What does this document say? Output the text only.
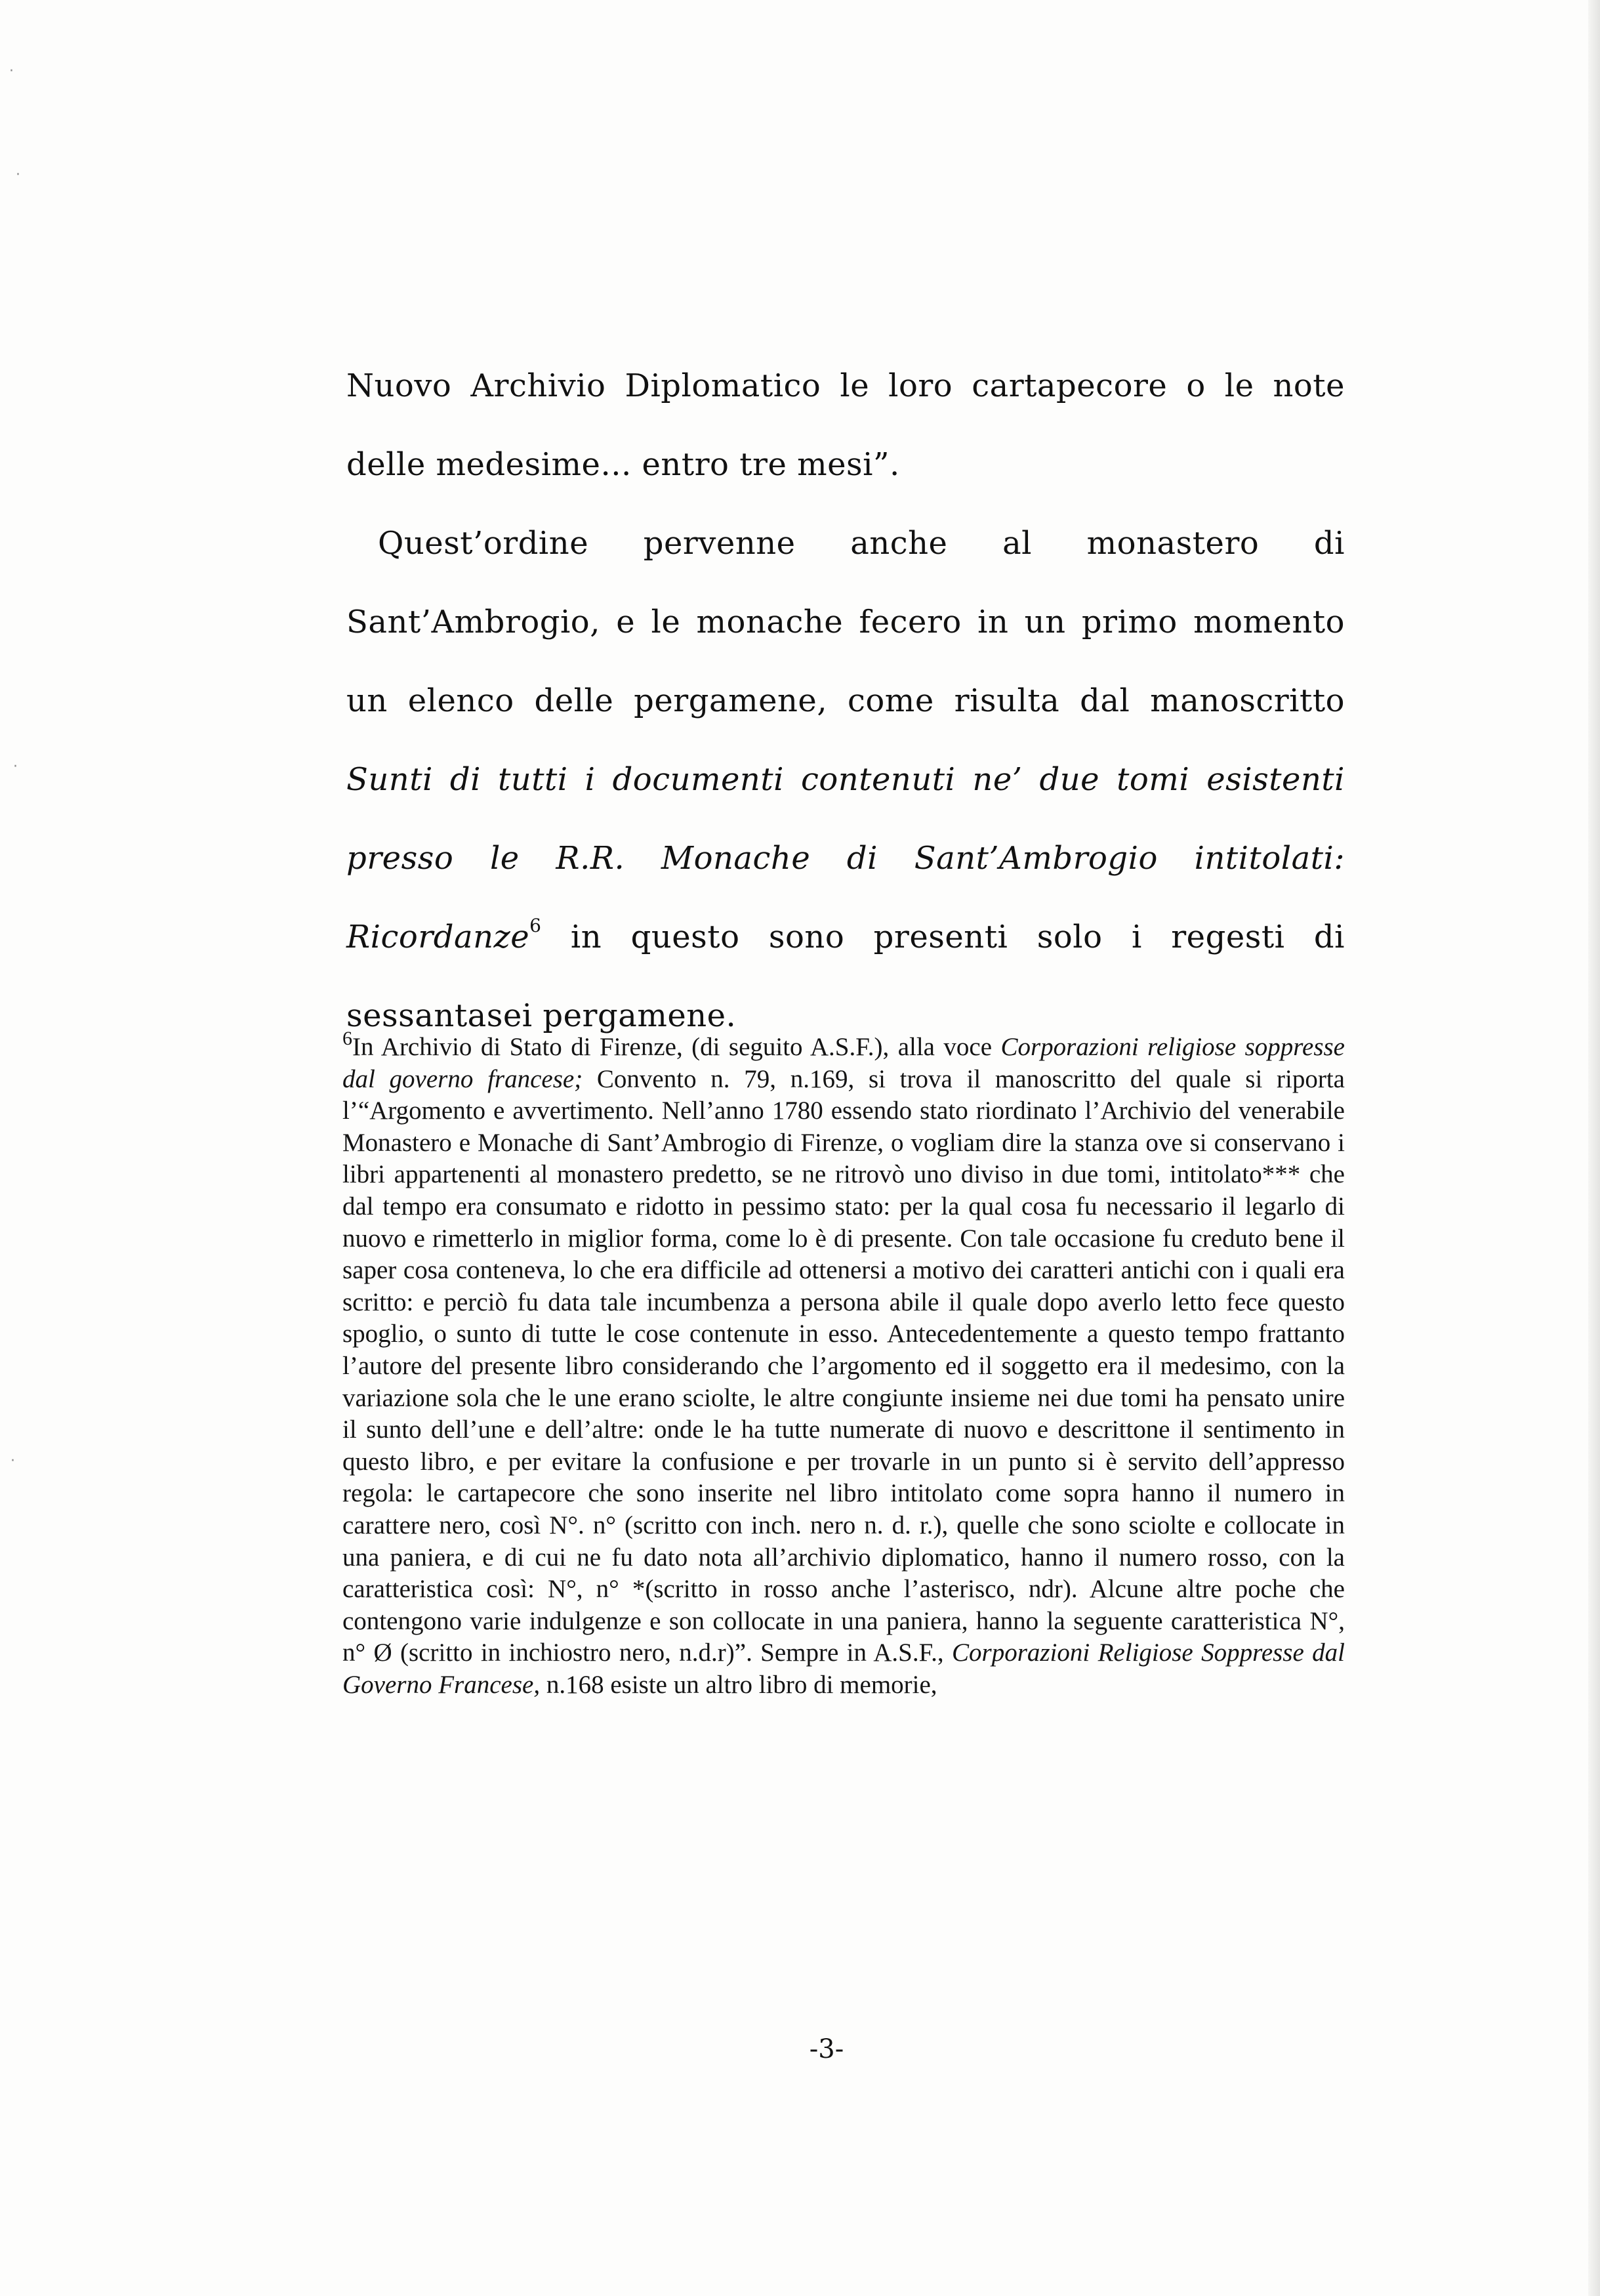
·
·
·
·

Nuovo Archivio Diplomatico le loro cartapecore o le note delle medesime... entro tre mesi”.

Quest’ordine pervenne anche al monastero di Sant’Ambrogio, e le monache fecero in un primo momento un elenco delle pergamene, come risulta dal manoscritto Sunti di tutti i documenti contenuti ne’ due tomi esistenti presso le R.R. Monache di Sant’Ambrogio intitolati: Ricordanze$^6$ in questo sono presenti solo i regesti di sessantasei pergamene.

$^6$In Archivio di Stato di Firenze, (di seguito A.S.F.), alla voce Corporazioni religiose soppresse dal governo francese; Convento n. 79, n.169, si trova il manoscritto del quale si riporta l’“Argomento e avvertimento. Nell’anno 1780 essendo stato riordinato l’Archivio del venerabile Monastero e Monache di Sant’Ambrogio di Firenze, o vogliam dire la stanza ove si conservano i libri appartenenti al monastero predetto, se ne ritrovò uno diviso in due tomi, intitolato*** che dal tempo era consumato e ridotto in pessimo stato: per la qual cosa fu necessario il legarlo di nuovo e rimetterlo in miglior forma, come lo è di presente. Con tale occasione fu creduto bene il saper cosa conteneva, lo che era difficile ad ottenersi a motivo dei caratteri antichi con i quali era scritto: e perciò fu data tale incumbenza a persona abile il quale dopo averlo letto fece questo spoglio, o sunto di tutte le cose contenute in esso. Antecedentemente a questo tempo frattanto l’autore del presente libro considerando che l’argomento ed il soggetto era il medesimo, con la variazione sola che le une erano sciolte, le altre congiunte insieme nei due tomi ha pensato unire il sunto dell’une e dell’altre: onde le ha tutte numerate di nuovo e descrittone il sentimento in questo libro, e per evitare la confusione e per trovarle in un punto si è servito dell’appresso regola: le cartapecore che sono inserite nel libro intitolato come sopra hanno il numero in carattere nero, così N°. n° (scritto con inch. nero n. d. r.), quelle che sono sciolte e collocate in una paniera, e di cui ne fu dato nota all’archivio diplomatico, hanno il numero rosso, con la caratteristica così: N°, n° *(scritto in rosso anche l’asterisco, ndr). Alcune altre poche che contengono varie indulgenze e son collocate in una paniera, hanno la seguente caratteristica N°, n° Ø (scritto in inchiostro nero, n.d.r)”. Sempre in A.S.F., Corporazioni Religiose Soppresse dal Governo Francese, n.168 esiste un altro libro di memorie,

-3-
